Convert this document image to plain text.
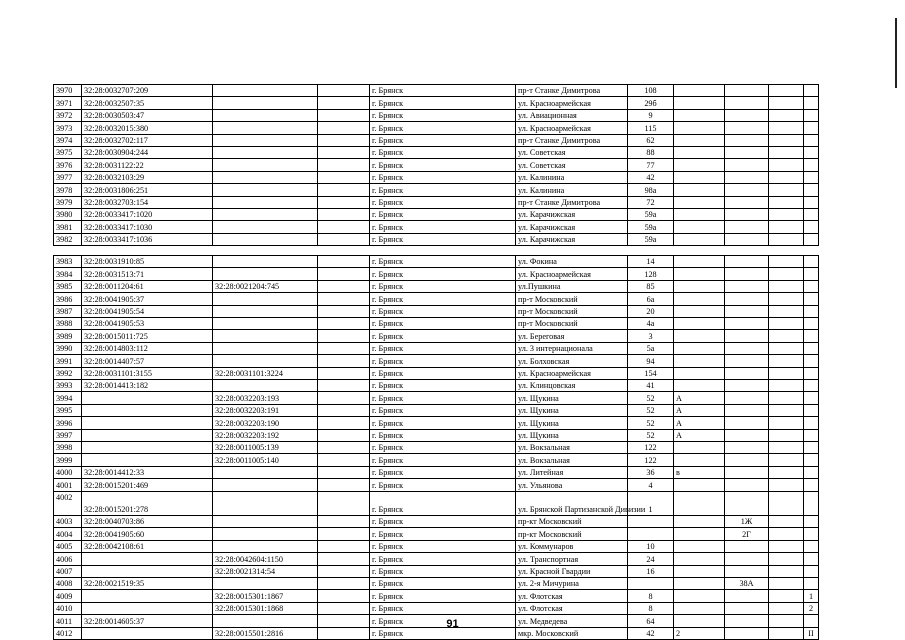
3970	32:28:0032707:209			г. Брянск	пр-т Станке Димитрова	108				
3971	32:28:0032507:35			г. Брянск	ул. Красноармейская	29б				
3972	32:28:0030503:47			г. Брянск	ул. Авиационная	9				
3973	32:28:0032015:380			г. Брянск	ул. Красноармейская	115				
3974	32:28:0032702:117			г. Брянск	пр-т Станке Димитрова	62				
3975	32:28:0030904:244			г. Брянск	ул. Советская	88				
3976	32:28:0031122:22			г. Брянск	ул. Советская	77				
3977	32:28:0032103:29			г. Брянск	ул. Калинина	42				
3978	32:28:0031806:251			г. Брянск	ул. Калинина	98а				
3979	32:28:0032703:154			г. Брянск	пр-т Станке Димитрова	72				
3980	32:28:0033417:1020			г. Брянск	ул. Карачижская	59а				
3981	32:28:0033417:1030			г. Брянск	ул. Карачижская	59а				
3982	32:28:0033417:1036			г. Брянск	ул. Карачижская	59а				

3983	32:28:0031910:85			г. Брянск	ул. Фокина	14				
3984	32:28:0031513:71			г. Брянск	ул. Красноармейская	128				
3985	32:28:0011204:61	32:28:0021204:745		г. Брянск	ул.Пушкина	85				
3986	32:28:0041905:37			г. Брянск	пр-т Московский	6а				
3987	32:28:0041905:54			г. Брянск	пр-т Московский	20				
3988	32:28:0041905:53			г. Брянск	пр-т Московский	4а				
3989	32:28:0015011:725			г. Брянск	ул. Береговая	3				
3990	32:28:0014803:112			г. Брянск	ул. 3 интернационала	5а				
3991	32:28:0014407:57			г. Брянск	ул. Болховская	94				
3992	32:28:0031101:3155	32:28:0031101:3224		г. Брянск	ул. Красноармейская	154				
3993	32:28:0014413:182			г. Брянск	ул. Клинцовская	41				
3994		32:28:0032203:193		г. Брянск	ул. Щукина	52	А			
3995		32:28:0032203:191		г. Брянск	ул. Щукина	52	А			
3996		32:28:0032203:190		г. Брянск	ул. Щукина	52	А			
3997		32:28:0032203:192		г. Брянск	ул. Щукина	52	А			
3998		32:28:0011005:139		г. Брянск	ул. Вокзальная	122				
3999		32:28:0011005:140		г. Брянск	ул. Вокзальная	122				
4000	32:28:0014412:33			г. Брянск	ул. Литейная	36	в			
4001	32:28:0015201:469			г. Брянск	ул. Ульянова	4				
4002	32:28:0015201:278			г. Брянск	ул. Брянской Партизанской Дивизии	1				
4003	32:28:0040703:86			г. Брянск	пр-кт Московский			1Ж		
4004	32:28:0041905:60			г. Брянск	пр-кт Московский			2Г		
4005	32:28:0042108:61			г. Брянск	ул. Коммунаров	10				
4006		32:28:0042604:1150		г. Брянск	ул. Транспортная	24				
4007		32:28:0021314:54		г. Брянск	ул. Красной Гвардии	16				
4008	32:28:0021519:35			г. Брянск	ул. 2-я Мичурина			38А		
4009		32:28:0015301:1867		г. Брянск	ул. Флотская	8				1
4010		32:28:0015301:1868		г. Брянск	ул. Флотская	8				2
4011	32:28:0014605:37			г. Брянск	ул. Медведева	64				
4012		32:28:0015501:2816		г. Брянск	мкр. Московский	42	2			II
91
